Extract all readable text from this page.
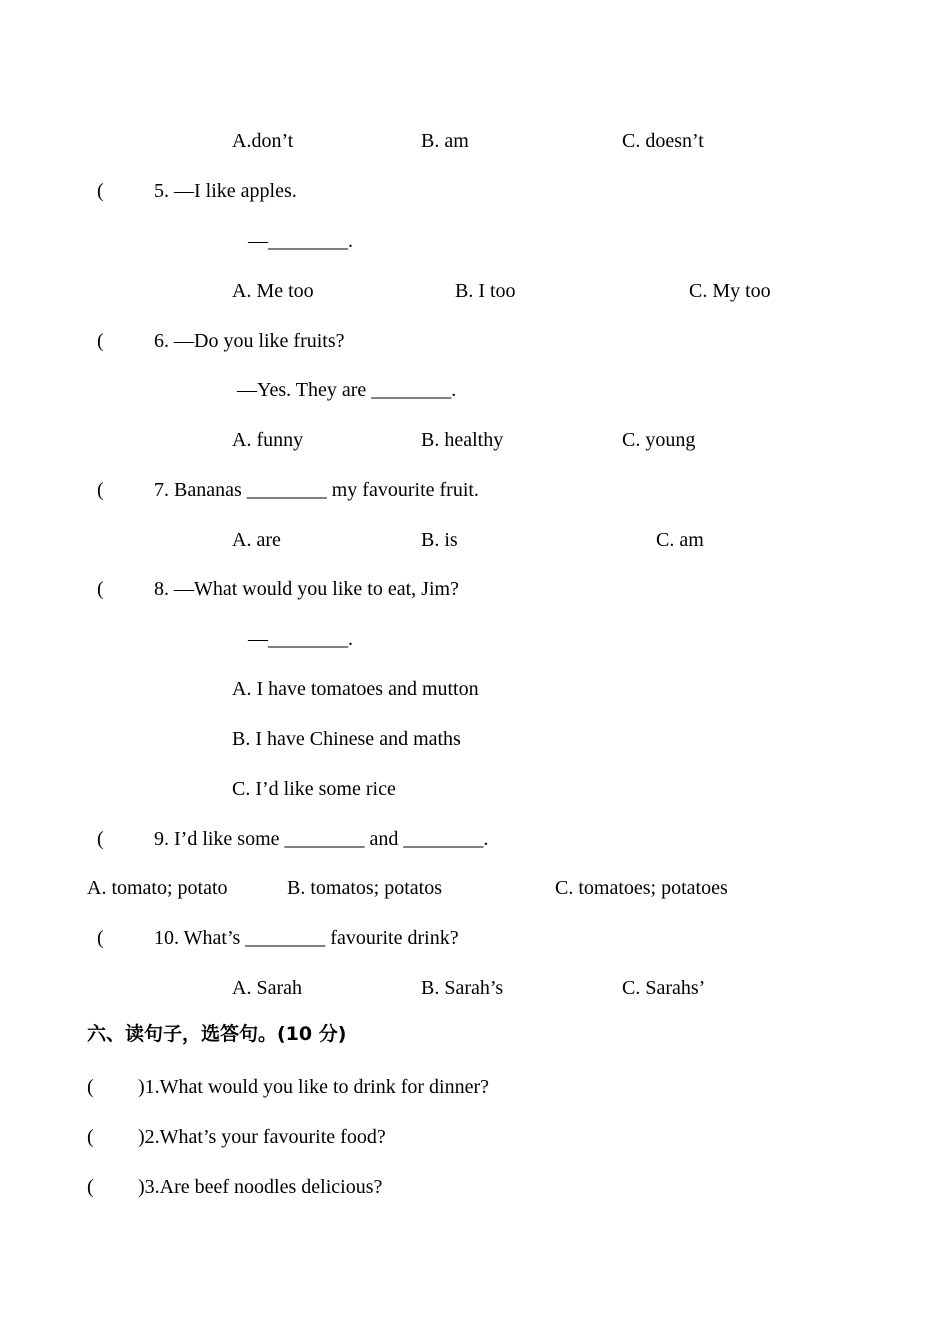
A.don’t	B. am	C. doesn’t
(	5. —I like apples.
—________.
A. Me too	B. I too	C. My too
(	6. —Do you like fruits?
—Yes. They are ________.
A. funny	B. healthy	C. young
(	7. Bananas ________ my favourite fruit.
A. are	B. is	C. am
(	8. —What would you like to eat, Jim?
—________.
A. I have tomatoes and mutton
B. I have Chinese and maths
C. I’d like some rice
(	9. I’d like some ________ and ________.
A. tomato; potato	B. tomatos; potatos	C. tomatoes; potatoes
(	10. What’s ________ favourite drink?
A. Sarah	B. Sarah’s	C. Sarahs’
六、读句子，选答句。(10 分)
( )1.What would you like to drink for dinner?
( )2.What’s your favourite food?
( )3.Are beef noodles delicious?
